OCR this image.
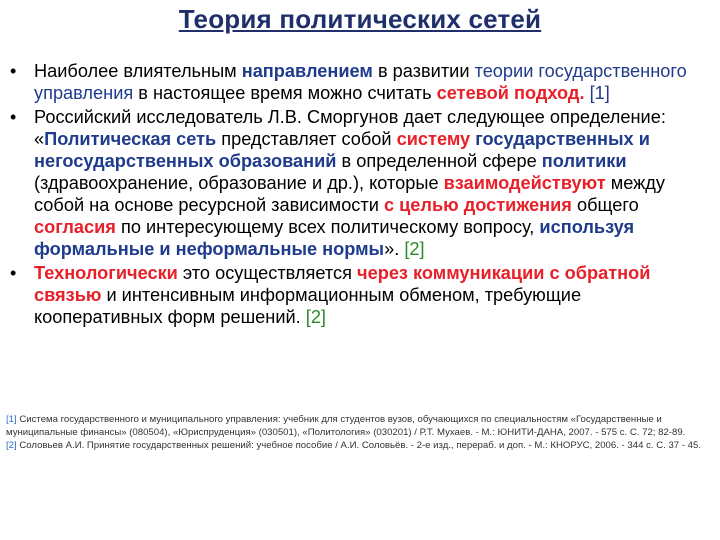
Теория политических сетей
• Наиболее влиятельным направлением в развитии теории государственного управления в настоящее время можно считать сетевой подход. [1]
• Российский исследователь Л.В. Сморгунов дает следующее определение: «Политическая сеть представляет собой систему государственных и негосударственных образований в определенной сфере политики (здравоохранение, образование и др.), которые взаимодействуют между собой на основе ресурсной зависимости с целью достижения общего согласия по интересующему всех политическому вопросу, используя формальные и неформальные нормы». [2]
• Технологически это осуществляется через коммуникации с обратной связью и интенсивным информационным обменом, требующие кооперативных форм решений. [2]

[1] Система государственного и муниципального управления: учебник для студентов вузов, обучающихся по специальностям «Государственные и муниципальные финансы» (080504), «Юриспруденция» (030501), «Политология» (030201) / Р.Т. Мухаев. - М.: ЮНИТИ-ДАНА, 2007. - 575 с. С. 72; 82-89.

[2] Соловьев А.И. Принятие государственных решений: учебное пособие / А.И. Соловьёв. - 2-е изд., перераб. и доп. - М.: КНОРУС, 2006. - 344 с. С. 37 - 45.
